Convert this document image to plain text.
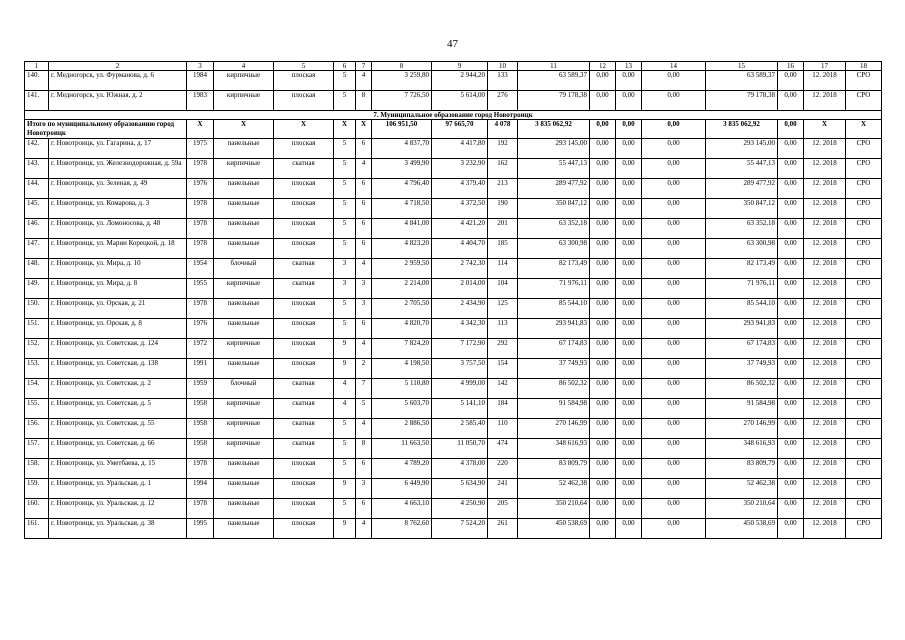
47
1	2	3	4	5	6	7	8	9	10	11	12	13	14	15	16	17	18
140.	г. Медногорск, ул. Фурманова, д. 6	1984	кирпичные	плоская	5	4	3 259,80	2 944,20	133	63 589,37	0,00	0,00	0,00	63 589,37	0,00	12. 2018	СРО
141.	г. Медногорск, ул. Южная, д. 2	1983	кирпичные	плоская	5	8	7 726,50	5 614,00	276	79 178,38	0,00	0,00	0,00	79 178,38	0,00	12. 2018	СРО
7. Муниципальное образование город Новотроицк																	
Итого по муниципальному образованию город Новотроицк		X	X	X	X	X	106 951,50	97 665,70	4 078	3 835 062,92	0,00	0,00	0,00	3 835 062,92	0,00	X	X
142.	г. Новотроицк, ул. Гагарина, д. 17	1975	панельные	плоская	5	6	4 837,70	4 417,80	192	293 145,00	0,00	0,00	0,00	293 145,00	0,00	12. 2018	СРО
143.	г. Новотроицк, ул. Железнодорожная, д. 59а	1978	кирпичные	скатная	5	4	3 499,90	3 232,90	162	55 447,13	0,00	0,00	0,00	55 447,13	0,00	12. 2018	СРО
144.	г. Новотроицк, ул. Зеленая, д. 49	1976	панельные	плоская	5	6	4 796,40	4 379,40	213	289 477,92	0,00	0,00	0,00	289 477,92	0,00	12. 2018	СРО
145.	г. Новотроицк, ул. Комарова, д. 3	1978	панельные	плоская	5	6	4 718,50	4 372,50	190	350 847,12	0,00	0,00	0,00	350 847,12	0,00	12. 2018	СРО
146.	г. Новотроицк, ул. Ломоносова, д. 48	1978	панельные	плоская	5	6	4 841,00	4 421,20	201	63 352,18	0,00	0,00	0,00	63 352,18	0,00	12. 2018	СРО
147.	г. Новотроицк, ул. Марии Корецкой, д. 18	1978	панельные	плоская	5	6	4 823,20	4 404,70	185	63 300,98	0,00	0,00	0,00	63 300,98	0,00	12. 2018	СРО
148.	г. Новотроицк, ул. Мира, д. 10	1954	блочный	скатная	3	4	2 959,50	2 742,30	114	82 173,49	0,00	0,00	0,00	82 173,49	0,00	12. 2018	СРО
149.	г. Новотроицк, ул. Мира, д. 8	1955	кирпичные	скатная	3	3	2 214,00	2 014,00	104	71 976,11	0,00	0,00	0,00	71 976,11	0,00	12. 2018	СРО
150.	г. Новотроицк, ул. Орская, д. 21	1978	панельные	плоская	5	3	2 705,50	2 434,90	125	85 544,10	0,00	0,00	0,00	85 544,10	0,00	12. 2018	СРО
151.	г. Новотроицк, ул. Орская, д. 8	1976	панельные	плоская	5	6	4 820,70	4 342,30	113	293 941,83	0,00	0,00	0,00	293 941,83	0,00	12. 2018	СРО
152.	г. Новотроицк, ул. Советская, д. 124	1972	кирпичные	плоская	9	4	7 824,20	7 172,90	292	67 174,83	0,00	0,00	0,00	67 174,83	0,00	12. 2018	СРО
153.	г. Новотроицк, ул. Советская, д. 138	1991	панельные	плоская	9	2	4 198,50	3 757,50	154	37 749,93	0,00	0,00	0,00	37 749,93	0,00	12. 2018	СРО
154.	г. Новотроицк, ул. Советская, д. 2	1959	блочный	скатная	4	7	5 110,80	4 999,00	142	86 502,32	0,00	0,00	0,00	86 502,32	0,00	12. 2018	СРО
155.	г. Новотроицк, ул. Советская, д. 5	1958	кирпичные	скатная	4	5	5 603,70	5 141,10	184	91 584,98	0,00	0,00	0,00	91 584,98	0,00	12. 2018	СРО
156.	г. Новотроицк, ул. Советская, д. 55	1958	кирпичные	скатная	5	4	2 886,50	2 585,40	110	270 146,99	0,00	0,00	0,00	270 146,99	0,00	12. 2018	СРО
157.	г. Новотроицк, ул. Советская, д. 66	1958	кирпичные	скатная	5	8	11 663,50	11 050,70	474	348 616,93	0,00	0,00	0,00	348 616,93	0,00	12. 2018	СРО
158.	г. Новотроицк, ул. Уметбаева, д. 15	1978	панельные	плоская	5	6	4 789,20	4 378,00	220	83 809,79	0,00	0,00	0,00	83 809,79	0,00	12. 2018	СРО
159.	г. Новотроицк, ул. Уральская, д. 1	1994	панельные	плоская	9	3	6 449,90	5 634,90	241	52 462,38	0,00	0,00	0,00	52 462,38	0,00	12. 2018	СРО
160.	г. Новотроицк, ул. Уральская, д. 12	1978	панельные	плоская	5	6	4 663,10	4 250,90	205	350 210,64	0,00	0,00	0,00	350 210,64	0,00	12. 2018	СРО
161.	г. Новотроицк, ул. Уральская, д. 38	1995	панельные	плоская	9	4	8 762,60	7 524,20	261	450 538,69	0,00	0,00	0,00	450 538,69	0,00	12. 2018	СРО
